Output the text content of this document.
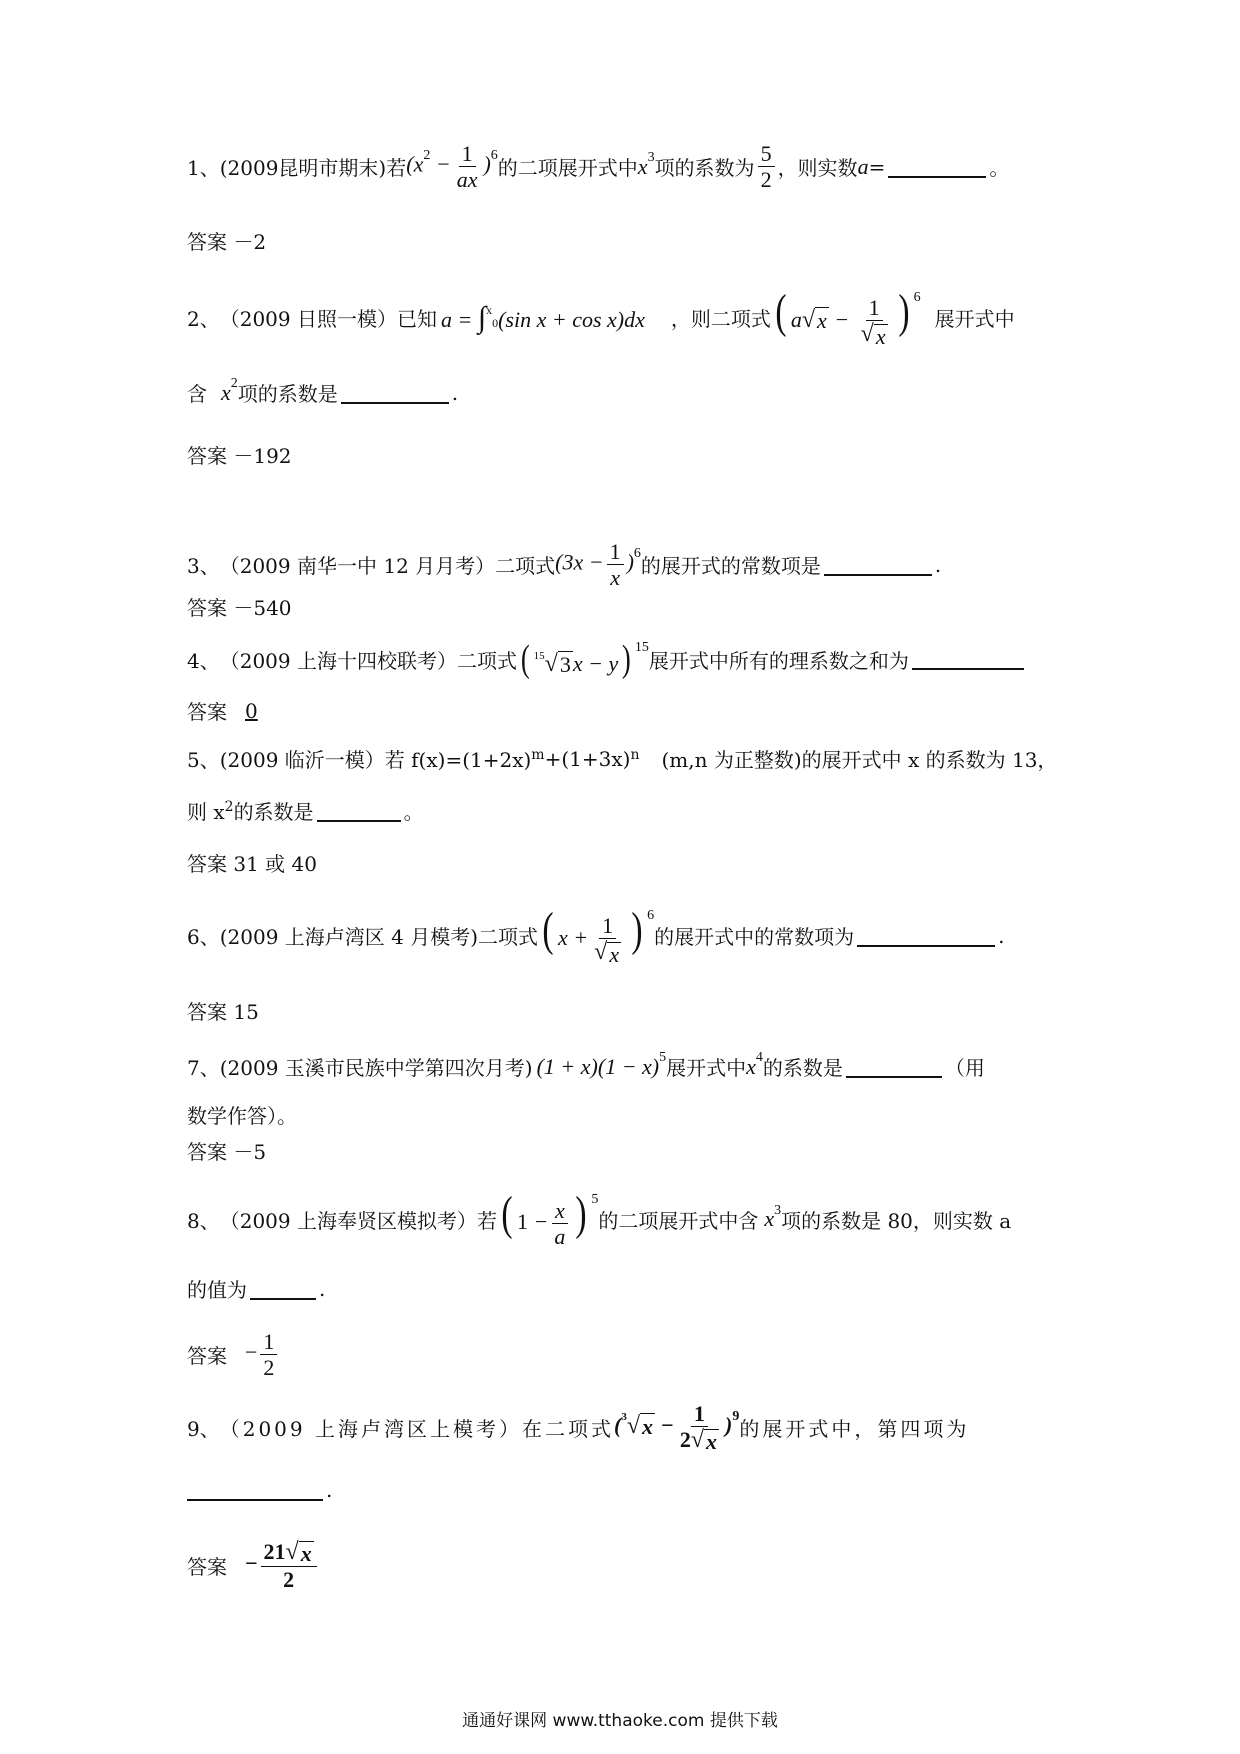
1、 (2009昆明市期末) 若 $(x^2 - \frac{1}{ax} )^6$
的二项展开式中 $x^3$ 项的系数为 $\frac{5}{2}$ ，则实数 a =	。
答案 －2
2、 （2009 日照一模） 已知 a = ∫$^x$0(sin x + cos x)dx ，则二项式 ( a √ $x - \frac{1}{√ x}$ ) $^6$
展开式中
含 $x^2$ 项的系数是	.
答案 －192
3、 （2009 南华一中 12 月月考） 二项式 $(3x - \frac{1}{x} )^6$
的展开式的常数项是	.
答案 －540
4、 （2009 上海十四校联考） 二项式 ( $^{15}$ √ 3 x − y ) $^{15}$
展开式中所有的理系数之和为
答案 0
5、 (2009 临沂一模） 若 f(x)=(1+2x) m +(1+3x) n (m,n 为正整数)的展开式中 x 的系数为 13，
则 x 2 的系数是	。
答案 31 或 40
6、 (2009 上海卢湾区 4 月模考) 二项式 ( $x + \frac{1}{√ x}$ ) $^6$
的展开式中的常数项为	.
答案 15
7、 (2009 玉溪市民族中学第四次月考) $(1 + x)(1 - x)^5$ 展开式中 $x^4$ 的系数是	（用
数学作答）。
答案 －5
8、 （2009 上海奉贤区模拟考） 若 ( $1 - \frac{x}{a}$ ) $^5$
的二项展开式中含 $x^3$ 项的系数是 80，则实数 a
的值为	.
答案 − $\frac{1}{2}$
9、 （2009 上海卢湾区上模考） 在二项式 ($^3$ √ $x - \frac{1}{2 √ x} )^9$
的展开式中，第四项为
.
答案 − $\frac{21 √ x}{2}$
通通好课网 www.tthaoke.com 提供下载
